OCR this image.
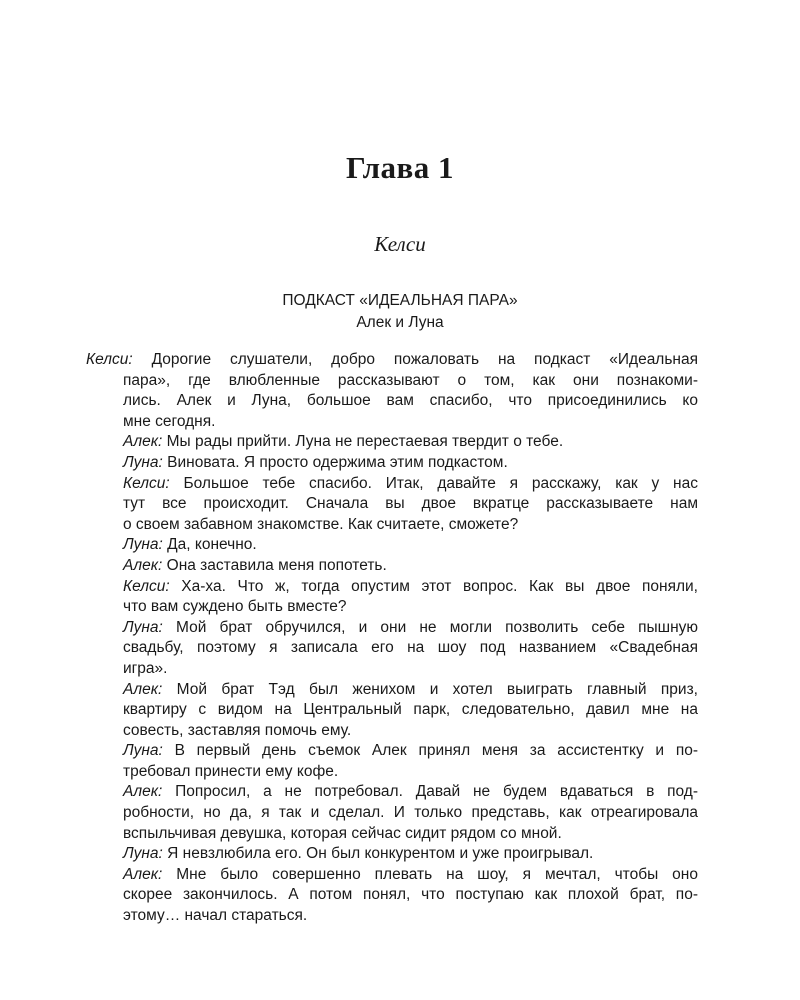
Глава 1
Келси
ПОДКАСТ «ИДЕАЛЬНАЯ ПАРА»
Алек и Луна
Келси: Дорогие слушатели, добро пожаловать на подкаст «Идеальная
пара», где влюбленные рассказывают о том, как они познакоми-
лись. Алек и Луна, большое вам спасибо, что присоединились ко
мне сегодня.
Алек: Мы рады прийти. Луна не перестаевая твердит о тебе.
Луна: Виновата. Я просто одержима этим подкастом.
Келси: Большое тебе спасибо. Итак, давайте я расскажу, как у нас
тут все происходит. Сначала вы двое вкратце рассказываете нам
о своем забавном знакомстве. Как считаете, сможете?
Луна: Да, конечно.
Алек: Она заставила меня попотеть.
Келси: Ха-ха. Что ж, тогда опустим этот вопрос. Как вы двое поняли,
что вам суждено быть вместе?
Луна: Мой брат обручился, и они не могли позволить себе пышную
свадьбу, поэтому я записала его на шоу под названием «Свадебная
игра».
Алек: Мой брат Тэд был женихом и хотел выиграть главный приз,
квартиру с видом на Центральный парк, следовательно, давил мне на
совесть, заставляя помочь ему.
Луна: В первый день съемок Алек принял меня за ассистентку и по-
требовал принести ему кофе.
Алек: Попросил, а не потребовал. Давай не будем вдаваться в под-
робности, но да, я так и сделал. И только представь, как отреагировала
вспыльчивая девушка, которая сейчас сидит рядом со мной.
Луна: Я невзлюбила его. Он был конкурентом и уже проигрывал.
Алек: Мне было совершенно плевать на шоу, я мечтал, чтобы оно
скорее закончилось. А потом понял, что поступаю как плохой брат, по-
этому… начал стараться.
